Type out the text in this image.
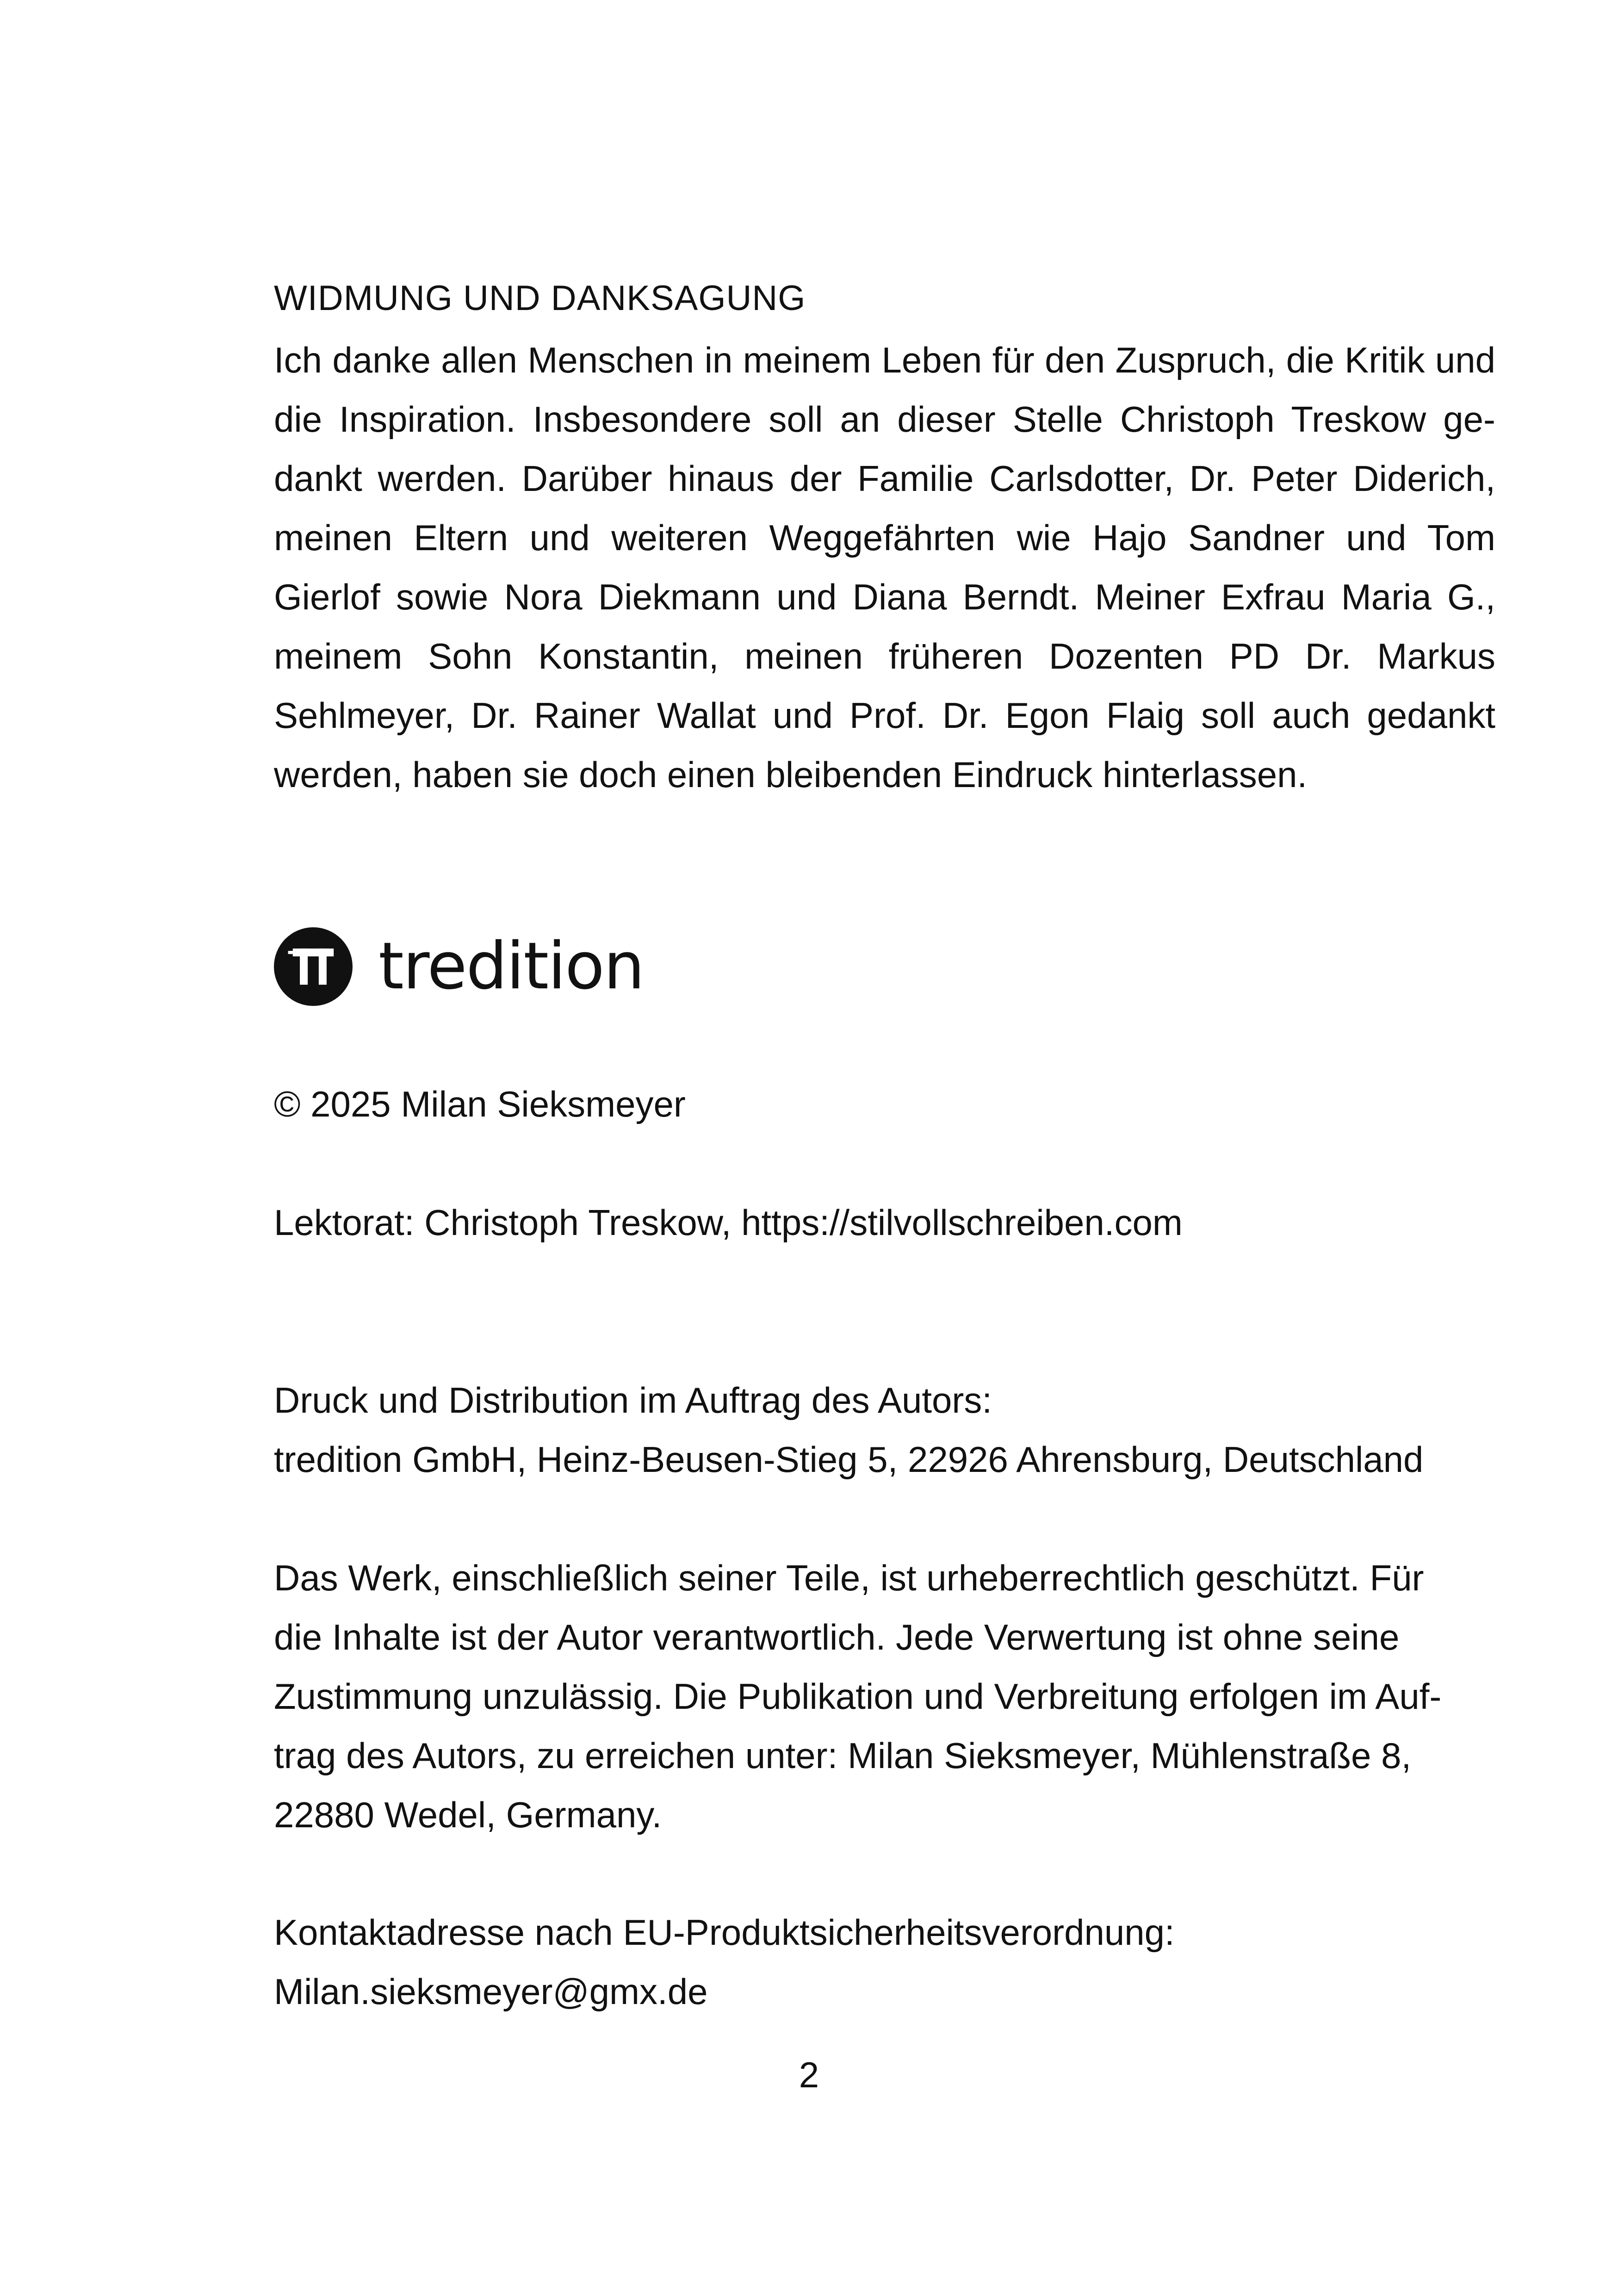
WIDMUNG UND DANKSAGUNG
Ich danke allen Menschen in meinem Leben für den Zuspruch, die Kritik und die Inspiration. Insbesondere soll an dieser Stelle Christoph Treskow gedankt werden. Darüber hinaus der Familie Carlsdotter, Dr. Peter Diderich, meinen Eltern und weiteren Weggefährten wie Hajo Sandner und Tom Gierlof sowie Nora Diekmann und Diana Berndt. Meiner Exfrau Maria G., meinem Sohn Konstantin, meinen früheren Dozenten PD Dr. Markus Sehlmeyer, Dr. Rainer Wallat und Prof. Dr. Egon Flaig soll auch gedankt werden, haben sie doch einen bleibenden Eindruck hinterlassen.
tredition
© 2025 Milan Sieksmeyer
Lektorat: Christoph Treskow, https://stilvollschreiben.com
Druck und Distribution im Auftrag des Autors:
tredition GmbH, Heinz-Beusen-Stieg 5, 22926 Ahrensburg, Deutschland
Das Werk, einschließlich seiner Teile, ist urheberrechtlich geschützt. Für
die Inhalte ist der Autor verantwortlich. Jede Verwertung ist ohne seine
Zustimmung unzulässig. Die Publikation und Verbreitung erfolgen im Auf-
trag des Autors, zu erreichen unter: Milan Sieksmeyer, Mühlenstraße 8,
22880 Wedel, Germany.
Kontaktadresse nach EU-Produktsicherheitsverordnung:
Milan.sieksmeyer@gmx.de
2
